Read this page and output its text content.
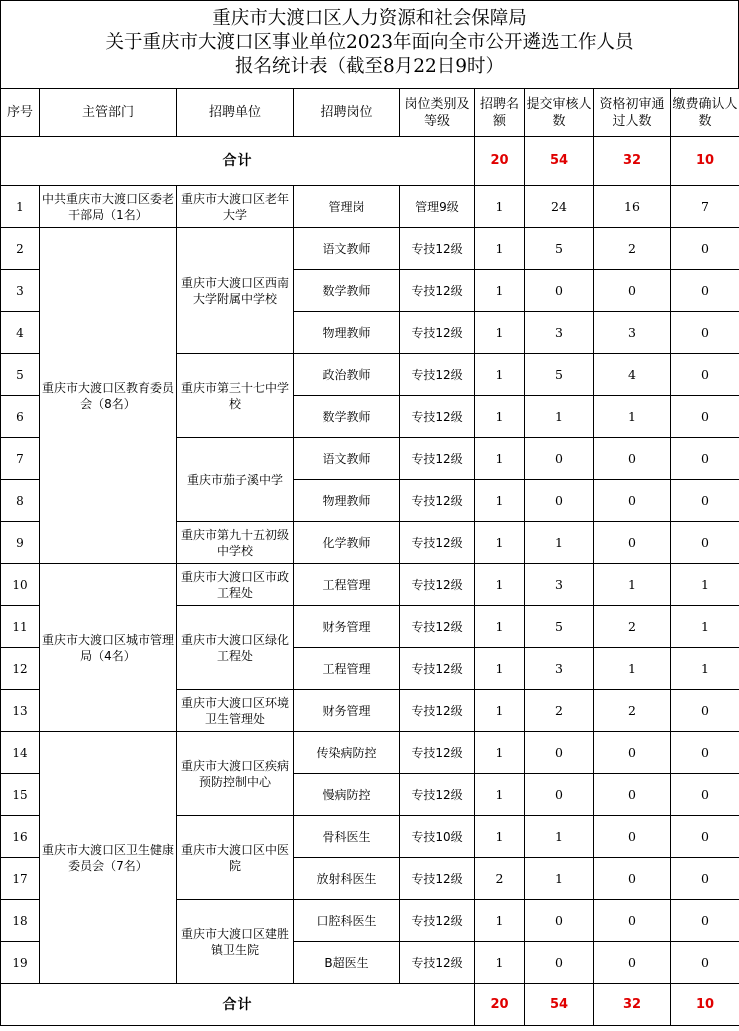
重庆市大渡口区人力资源和社会保障局
关于重庆市大渡口区事业单位2023年面向全市公开遴选工作人员
报名统计表（截至8月22日9时）
序号	主管部门	招聘单位	招聘岗位	岗位类别及等级	招聘名额	提交审核人数	资格初审通过人数	缴费确认人数
合计					20	54	32	10
1	中共重庆市大渡口区委老干部局（1名）	重庆市大渡口区老年大学	管理岗	管理9级	1	24	16	7
2	重庆市大渡口区教育委员会（8名）	重庆市大渡口区西南大学附属中学校	语文教师	专技12级	1	5	2	0
3			数学教师	专技12级	1	0	0	0
4			物理教师	专技12级	1	3	3	0
5		重庆市第三十七中学校	政治教师	专技12级	1	5	4	0
6			数学教师	专技12级	1	1	1	0
7		重庆市茄子溪中学	语文教师	专技12级	1	0	0	0
8			物理教师	专技12级	1	0	0	0
9		重庆市第九十五初级中学校	化学教师	专技12级	1	1	0	0
10	重庆市大渡口区城市管理局（4名）	重庆市大渡口区市政工程处	工程管理	专技12级	1	3	1	1
11		重庆市大渡口区绿化工程处	财务管理	专技12级	1	5	2	1
12			工程管理	专技12级	1	3	1	1
13		重庆市大渡口区环境卫生管理处	财务管理	专技12级	1	2	2	0
14	重庆市大渡口区卫生健康委员会（7名）	重庆市大渡口区疾病预防控制中心	传染病防控	专技12级	1	0	0	0
15			慢病防控	专技12级	1	0	0	0
16		重庆市大渡口区中医院	骨科医生	专技10级	1	1	0	0
17			放射科医生	专技12级	2	1	0	0
18		重庆市大渡口区建胜镇卫生院	口腔科医生	专技12级	1	0	0	0
19			B超医生	专技12级	1	0	0	0
合计					20	54	32	10
